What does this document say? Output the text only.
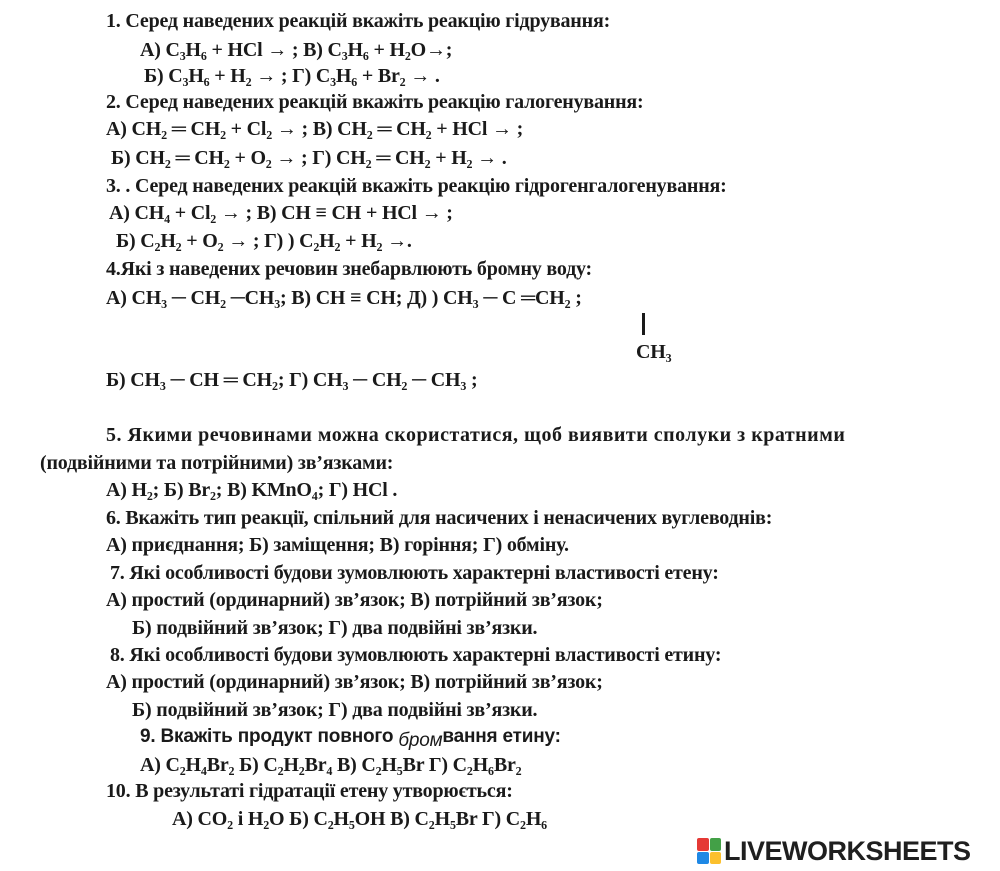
1. Серед наведених реакцій вкажіть реакцію гідрування:
А) C₃H₆ + HCl → ; В) C₃H₆ + H₂O→;
Б) C₃H₆ + H₂ → ; Г) C₃H₆ + Br₂ → .
2. Серед наведених реакцій вкажіть реакцію галогенування:
А) CH₂ ═ CH₂ + Cl₂ → ; В) CH₂ ═ CH₂ + HCl → ;
Б) CH₂ ═ CH₂ + O₂ → ; Г) CH₂ ═ CH₂ + H₂ → .
3. . Серед наведених реакцій вкажіть реакцію гідрогенгалогенування:
А) CH₄ + Cl₂ → ; В) CH ≡ CH + HCl → ;
Б) C₂H₂ + O₂ → ; Г) ) C₂H₂ + H₂ →.
4.Які з наведених речовин знебарвлюють бромну воду:
А) CH₃ ─ CH₂ ─CH₃; В) CH ≡ CH; Д) ) CH₃ ─ C ═CH₂ ;
CH₃
Б) CH₃ ─ CH ═ CH₂; Г) CH₃ ─ CH₂ ─ CH₃ ;
5. Якими речовинами можна скористатися, щоб виявити сполуки з кратними
(подвійними та потрійними) зв’язками:
А) H₂; Б) Br₂; В) KMnO₄; Г) HCl .
6. Вкажіть тип реакції, спільний для насичених і ненасичених вуглеводнів:
А) приєднання; Б) заміщення; В) горіння; Г) обміну.
7. Які особливості будови зумовлюють характерні властивості етену:
А) простий (ординарний) зв’язок; В) потрійний зв’язок;
Б) подвійний зв’язок; Г) два подвійні зв’язки.
8. Які особливості будови зумовлюють характерні властивості етину:
А) простий (ординарний) зв’язок; В) потрійний зв’язок;
Б) подвійний зв’язок; Г) два подвійні зв’язки.
9. Вкажіть продукт повного бромвання етину:
А) C₂H₄Br₂ Б) C₂H₂Br₄ В) C₂H₅Br Г) C₂H₆Br₂
10. В результаті гідратації етену утворюється:
А) CO₂ і H₂O Б) C₂H₅OH В) C₂H₅Br Г) C₂H₆
LIVEWORKSHEETS
